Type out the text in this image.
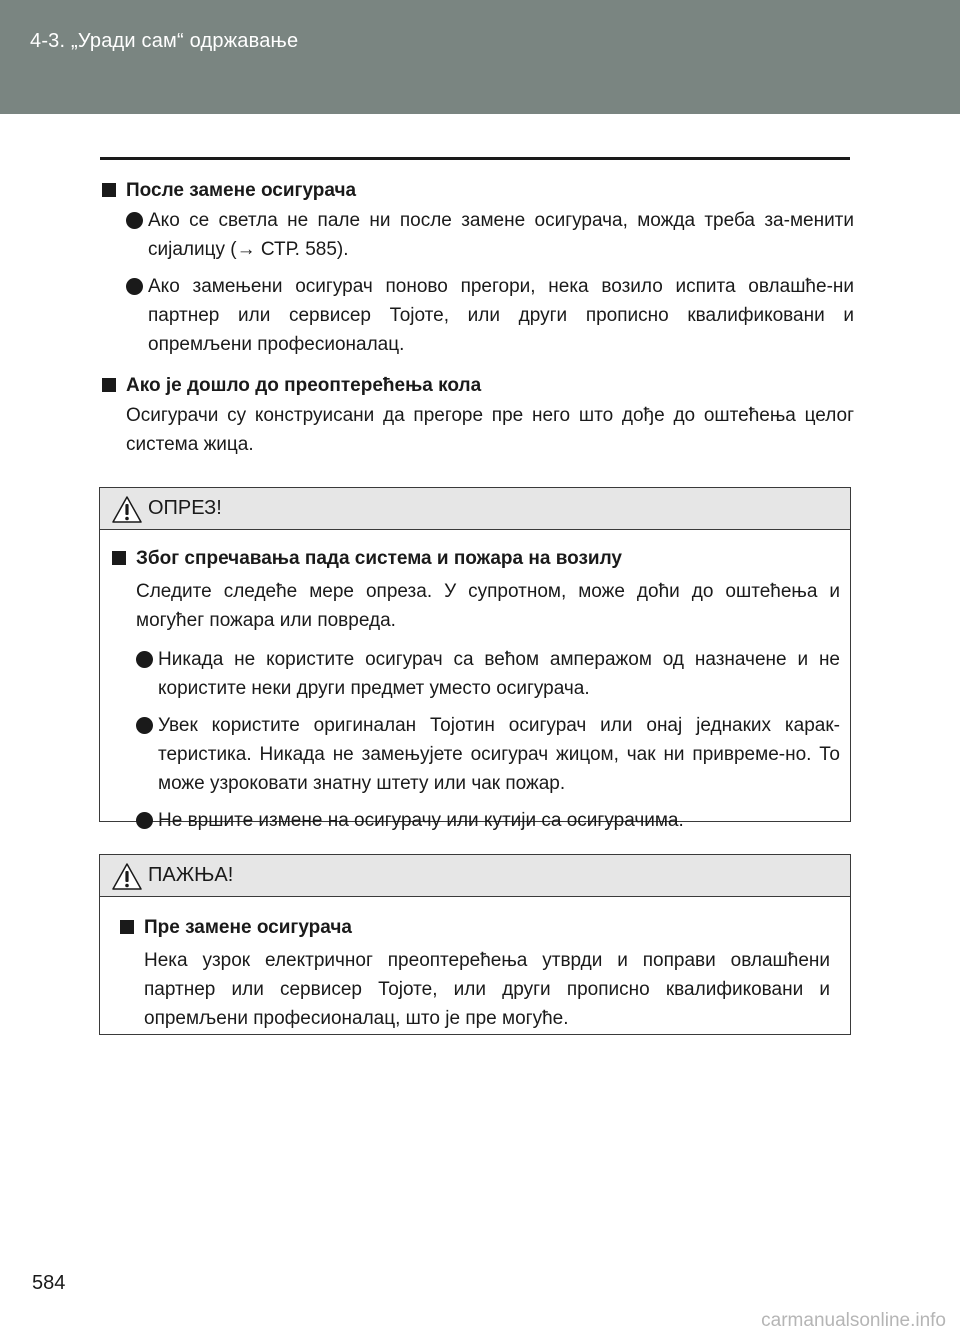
4-3. „Уради сам“ одржавање
После замене осигурача
Ако се светла не пале ни после замене осигурача, можда треба за-менити сијалицу (→ СТР. 585).
Ако замењени осигурач поново прегори, нека возило испита овлашће-ни партнер или сервисер Тојоте, или други прописно квалификовани и опремљени професионалац.
Ако је дошло до преоптерећења кола
Осигурачи су конструисани да прегоре пре него што дође до оштећења целог система жица.
ОПРЕЗ!
Због спречавања пада система и пожара на возилу
Следите следеће мере опреза. У супротном, може доћи до оштећења и могућег пожара или повреда.
Никада не користите осигурач са већом ампеpажом од назначене и не користите неки други предмет уместо осигурача.
Увек користите оригиналан Тојотин осигурач или онај једнаких карак-теристика. Никада не замењујете осигурач жицом, чак ни привреме-но. То може узроковати знатну штету или чак пожар.
Не вршите измене на осигурачу или кутији са осигурачима.
ПАЖЊА!
Пре замене осигурача
Нека узрок електричног преоптерећења утврди и поправи овлашћени партнер или сервисер Тојоте, или други прописно квалификовани и опремљени професионалац, што је пре могуће.
584
carmanualsonline.info
